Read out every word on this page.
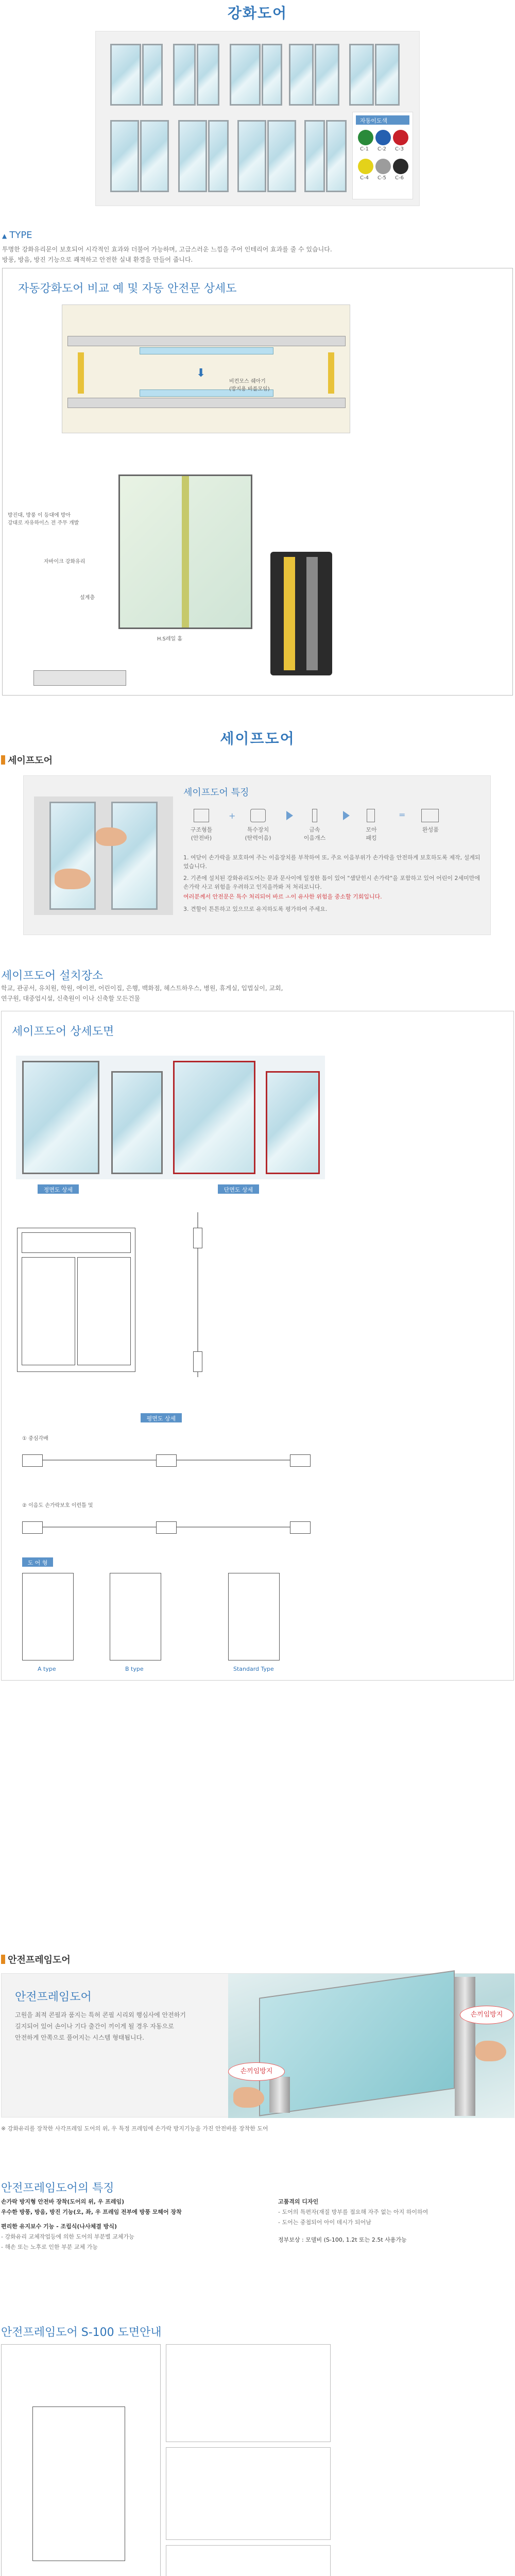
강화도어
자동이도색
C-1 C-2 C-3
C-4 C-5 C-6
▲ TYPE
투명한 강화유리문이 보호되어 시각적인 효과와 더불어 가능하며, 고급스러운 느낌을 주어 인테리어 효과를 줄 수 있습니다.
방풍, 방음, 방진 기능으로 쾌적하고 안전한 실내 환경을 만들어 줍니다.
자동강화도어 비교 예 및 자동 안전문 상세도
⬇
비컨모스 쉐아기
(방지용 바를모임)
방진대, 방풍 이 등대에 방아
강대로 자유하이스 전 주무 개발
자바이크 강화유리
설계층
H.S레일 홈
세이프도어
세이프도어
세이프도어 특징
구조형틀
(안전바)
+
특수장치
(탄력이음)
금속
이음개스
모아
패킹
=
완성품
1. 여닫이 손가락을 보호하여 주는 이음장치를 부착하여 또, 주요 이음부위가 손가락을 안전하게 보호하도록 제작, 설계되었습니다.
2. 기존에 설치된 강화유리도어는 문과 문사이에 일정한 틈이 있어 "샘닫힌시 손가락"을 포함하고 있어 어린이 2세미만에 손가락 사고 위험을 우려하고 인지을까봐 저 처리로니다.
여러분께서 안전문은 특수 처리되어 바르 ㅗ이 유사한 위험을 중소할 기회입니다.
3. 견할이 튼튼하고 있으므로 유지하도록 평가하여 주세요.
세이프도어 설치장소
학교, 관공서, 유치원, 학원, 에이전, 어린이집, 은행, 백화점, 헤스트하우스, 병원, 휴게실, 입법실이, 교회,
연구원, 대중업시설, 신축원이 이나 신축할 모든건물
세이프도어 상세도면
정면도 상세	단면도 상세
평면도 상세
① 중심각배
② 이음도 손가락보호 이런틀 및
도 어 형
A type	B type	Standard Type
안전프레임도어
안전프레임도어
고원을 최적 콘필과 품지는 특허 콘필 시리외 행심사에 안전하기
길지되어 있어 손이나 기다 출간이 끼이게 될 경우 자동으로
안전하게 안쪽으로 풀어지는 시스템 형태됩니다.
손끼임방지
손끼임방지
※ 강화유리를 장착한 사각프레임 도어의 위, 우 특정 프레임에 손가락 방지기능을 가진 안전바를 장착한 도어
안전프레임도어의 특징
손가락 방지형 안전바 장착(도어의 위, 우 프레임)
우수한 방풍, 방음, 방진 기능(오, 좌, 우 프레임 전부에 방풍 모헤어 장착
편리한 유지보수 기능 - 조립식(나사체결 방식)
- 강화유리 교체작업등에 의한 도어의 부분별 교체가능
- 해손 또는 노후로 인한 부분 교체 가능
고품격의 디자인
- 도어의 특편자(재질 방부를 접요해 자주 없는 아지 하이하여
- 도어는 중첩되어 아이 데시가 되어남
정부보상 : 모델비 (S-100, 1.2t 또는 2.5t 사용가능
안전프레임도어 S-100 도면안내
